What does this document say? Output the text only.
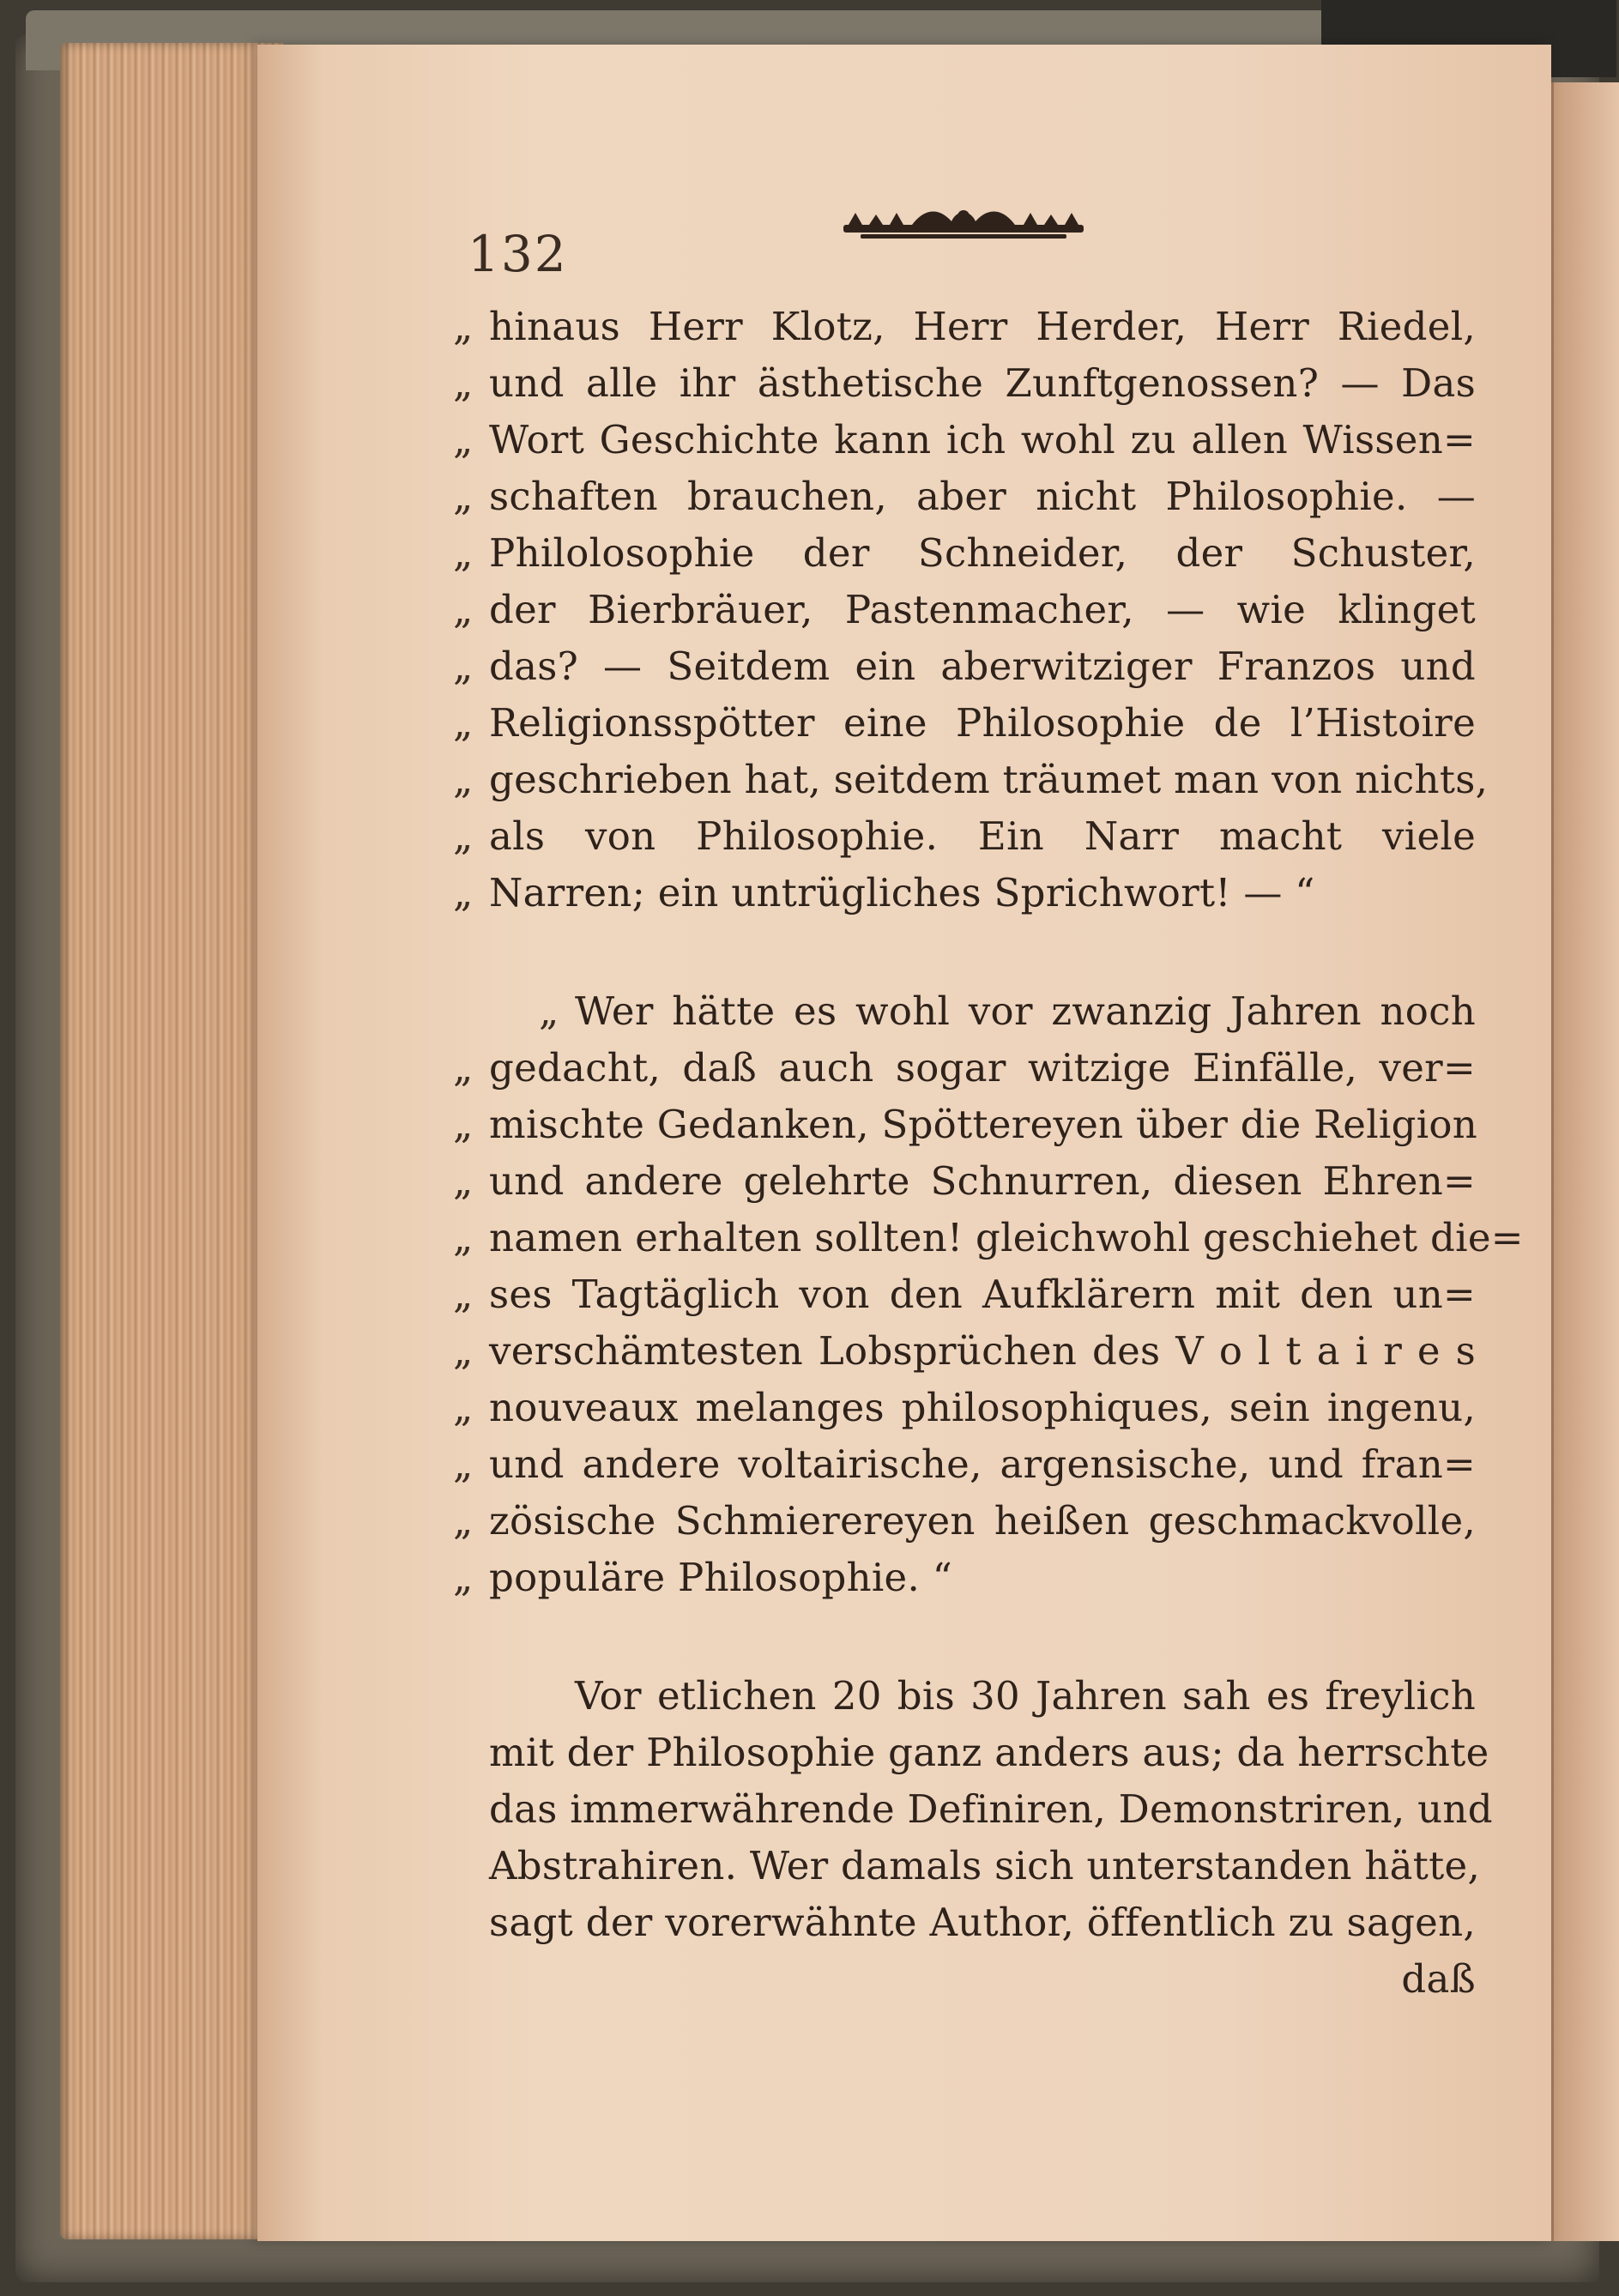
132
„ hinaus Herr Klotz, Herr Herder, Herr Riedel,
„ und alle ihr ästhetische Zunftgenossen? — Das
„ Wort Geschichte kann ich wohl zu allen Wissen=
„ schaften brauchen, aber nicht Philosophie. —
„ Philolosophie der Schneider, der Schuster,
„ der Bierbräuer, Pastenmacher, — wie klinget
„ das? — Seitdem ein aberwitziger Franzos und
„ Religionsspötter eine Philosophie de l’Histoire
„ geschrieben hat, seitdem träumet man von nichts,
„ als von Philosophie. Ein Narr macht viele
„ Narren; ein untrügliches Sprichwort! — “
„ Wer hätte es wohl vor zwanzig Jahren noch
„ gedacht, daß auch sogar witzige Einfälle, ver=
„ mischte Gedanken, Spöttereyen über die Religion
„ und andere gelehrte Schnurren, diesen Ehren=
„ namen erhalten sollten! gleichwohl geschiehet die=
„ ses Tagtäglich von den Aufklärern mit den un=
„ verschämtesten Lobsprüchen des V o l t a i r e s
„ nouveaux melanges philosophiques, sein ingenu,
„ und andere voltairische, argensische, und fran=
„ zösische Schmierereyen heißen geschmackvolle,
„ populäre Philosophie. “
Vor etlichen 20 bis 30 Jahren sah es freylich
mit der Philosophie ganz anders aus; da herrschte
das immerwährende Definiren, Demonstriren, und
Abstrahiren. Wer damals sich unterstanden hätte,
sagt der vorerwähnte Author, öffentlich zu sagen,
daß
